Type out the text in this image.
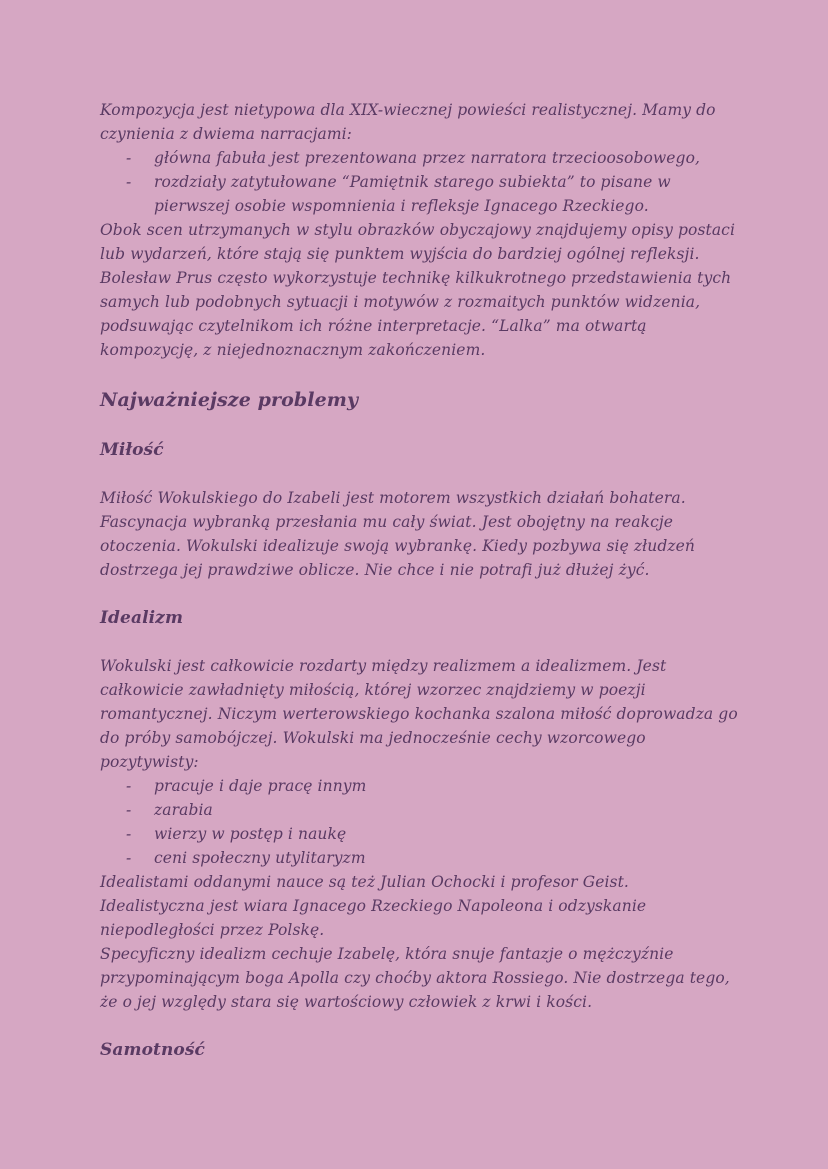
Kompozycja jest nietypowa dla XIX-wiecznej powieści realistycznej. Mamy do czynienia z dwiema narracjami:

- główna fabuła jest prezentowana przez narratora trzecioosobowego,
- rozdziały zatytułowane “Pamiętnik starego subiekta” to pisane w pierwszej osobie wspomnienia i refleksje Ignacego Rzeckiego.

Obok scen utrzymanych w stylu obrazków obyczajowy znajdujemy opisy postaci lub wydarzeń, które stają się punktem wyjścia do bardziej ogólnej refleksji. Bolesław Prus często wykorzystuje technikę kilkukrotnego przedstawienia tych samych lub podobnych sytuacji i motywów z rozmaitych punktów widzenia, podsuwając czytelnikom ich różne interpretacje. “Lalka” ma otwartą kompozycję, z niejednoznacznym zakończeniem.

Najważniejsze problemy
Miłość

Miłość Wokulskiego do Izabeli jest motorem wszystkich działań bohatera. Fascynacja wybranką przesłania mu cały świat. Jest obojętny na reakcje otoczenia. Wokulski idealizuje swoją wybrankę. Kiedy pozbywa się złudzeń dostrzega jej prawdziwe oblicze. Nie chce i nie potrafi już dłużej żyć.

Idealizm

Wokulski jest całkowicie rozdarty między realizmem a idealizmem. Jest całkowicie zawładnięty miłością, której wzorzec znajdziemy w poezji romantycznej. Niczym werterowskiego kochanka szalona miłość doprowadza go do próby samobójczej. Wokulski ma jednocześnie cechy wzorcowego pozytywisty:

- pracuje i daje pracę innym
- zarabia
- wierzy w postęp i naukę
- ceni społeczny utylitaryzm

Idealistami oddanymi nauce są też Julian Ochocki i profesor Geist.

Idealistyczna jest wiara Ignacego Rzeckiego Napoleona i odzyskanie niepodległości przez Polskę.

Specyficzny idealizm cechuje Izabelę, która snuje fantazje o mężczyźnie przypominającym boga Apolla czy choćby aktora Rossiego. Nie dostrzega tego, że o jej względy stara się wartościowy człowiek z krwi i kości.

Samotność
